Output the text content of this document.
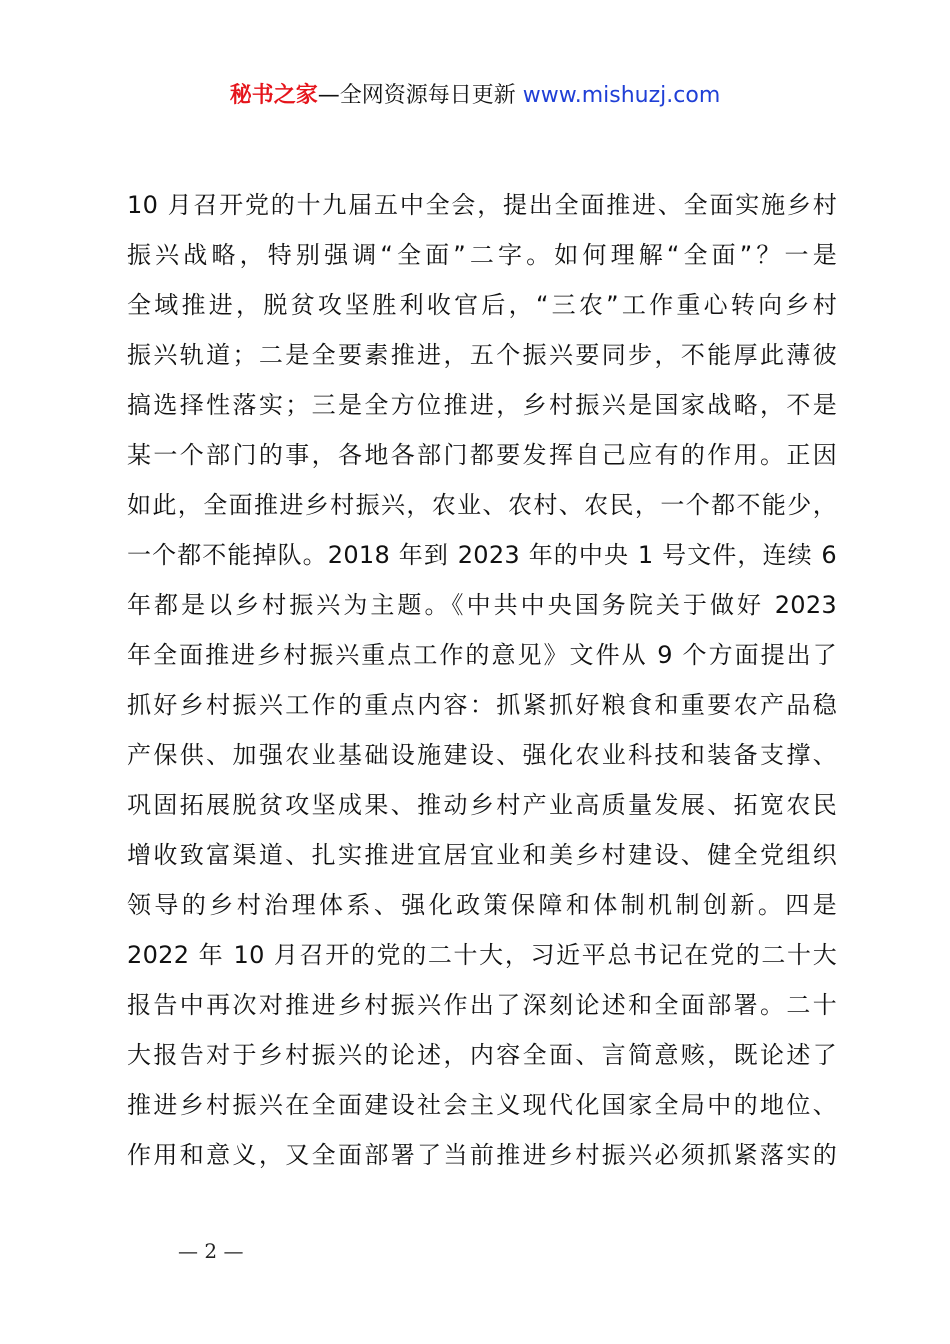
秘书之家—全网资源每日更新 www.mishuzj.com
10 月召开党的十九届五中全会，提出全面推进、全面实施乡村
振兴战略，特别强调“全面”二字。如何理解“全面”？一是
全域推进，脱贫攻坚胜利收官后，“三农”工作重心转向乡村
振兴轨道；二是全要素推进，五个振兴要同步，不能厚此薄彼
搞选择性落实；三是全方位推进，乡村振兴是国家战略，不是
某一个部门的事，各地各部门都要发挥自己应有的作用。正因
如此，全面推进乡村振兴，农业、农村、农民，一个都不能少，
一个都不能掉队。2018 年到 2023 年的中央 1 号文件，连续 6
年都是以乡村振兴为主题。《中共中央国务院关于做好 2023
年全面推进乡村振兴重点工作的意见》文件从 9 个方面提出了
抓好乡村振兴工作的重点内容：抓紧抓好粮食和重要农产品稳
产保供、加强农业基础设施建设、强化农业科技和装备支撑、
巩固拓展脱贫攻坚成果、推动乡村产业高质量发展、拓宽农民
增收致富渠道、扎实推进宜居宜业和美乡村建设、健全党组织
领导的乡村治理体系、强化政策保障和体制机制创新。四是
2022 年 10 月召开的党的二十大，习近平总书记在党的二十大
报告中再次对推进乡村振兴作出了深刻论述和全面部署。二十
大报告对于乡村振兴的论述，内容全面、言简意赅，既论述了
推进乡村振兴在全面建设社会主义现代化国家全局中的地位、
作用和意义，又全面部署了当前推进乡村振兴必须抓紧落实的
— 2 —
